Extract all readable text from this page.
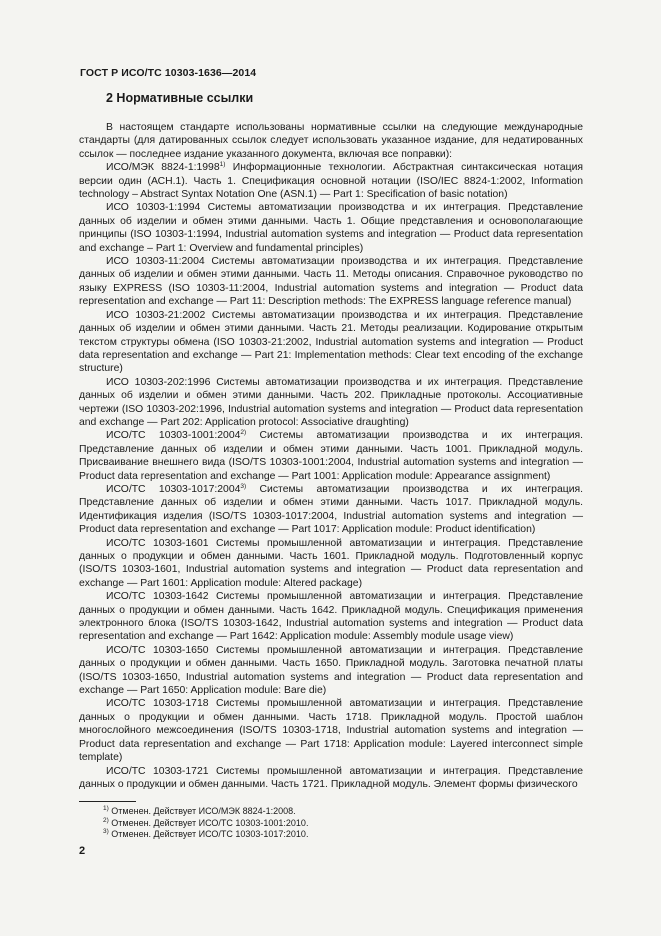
ГОСТ Р ИСО/ТС 10303-1636—2014
2 Нормативные ссылки

В настоящем стандарте использованы нормативные ссылки на следующие международные стандарты (для датированных ссылок следует использовать указанное издание, для недатированных ссылок — последнее издание указанного документа, включая все поправки):

ИСО/МЭК 8824-1:1998$^{1)}$ Информационные технологии. Абстрактная синтаксическая нотация версии один (АСН.1). Часть 1. Спецификация основной нотации (ISO/IEC 8824-1:2002, Information technology – Abstract Syntax Notation One (ASN.1) — Part 1: Specification of basic notation)

ИСО 10303-1:1994 Системы автоматизации производства и их интеграция. Представление данных об изделии и обмен этими данными. Часть 1. Общие представления и основополагающие принципы (ISO 10303-1:1994, Industrial automation systems and integration — Product data representation and exchange – Part 1: Overview and fundamental principles)

ИСО 10303-11:2004 Системы автоматизации производства и их интеграция. Представление данных об изделии и обмен этими данными. Часть 11. Методы описания. Справочное руководство по языку EXPRESS (ISO 10303-11:2004, Industrial automation systems and integration — Product data representation and exchange — Part 11: Description methods: The EXPRESS language reference manual)

ИСО 10303-21:2002 Системы автоматизации производства и их интеграция. Представление данных об изделии и обмен этими данными. Часть 21. Методы реализации. Кодирование открытым текстом структуры обмена (ISO 10303-21:2002, Industrial automation systems and integration — Product data representation and exchange — Part 21: Implementation methods: Clear text encoding of the exchange structure)

ИСО 10303-202:1996 Системы автоматизации производства и их интеграция. Представление данных об изделии и обмен этими данными. Часть 202. Прикладные протоколы. Ассоциативные чертежи (ISO 10303-202:1996, Industrial automation systems and integration — Product data representation and exchange — Part 202: Application protocol: Associative draughting)

ИСО/ТС 10303-1001:2004$^{2)}$ Системы автоматизации производства и их интеграция. Представление данных об изделии и обмен этими данными. Часть 1001. Прикладной модуль. Присваивание внешнего вида (ISO/TS 10303-1001:2004, Industrial automation systems and integration — Product data representation and exchange — Part 1001: Application module: Appearance assignment)

ИСО/ТС 10303-1017:2004$^{3)}$ Системы автоматизации производства и их интеграция. Представление данных об изделии и обмен этими данными. Часть 1017. Прикладной модуль. Идентификация изделия (ISO/TS 10303-1017:2004, Industrial automation systems and integration — Product data representation and exchange — Part 1017: Application module: Product identification)

ИСО/ТС 10303-1601 Системы промышленной автоматизации и интеграция. Представление данных о продукции и обмен данными. Часть 1601. Прикладной модуль. Подготовленный корпус (ISO/TS 10303-1601, Industrial automation systems and integration — Product data representation and exchange — Part 1601: Application module: Altered package)

ИСО/ТС 10303-1642 Системы промышленной автоматизации и интеграция. Представление данных о продукции и обмен данными. Часть 1642. Прикладной модуль. Спецификация применения электронного блока (ISO/TS 10303-1642, Industrial automation systems and integration — Product data representation and exchange — Part 1642: Application module: Assembly module usage view)

ИСО/ТС 10303-1650 Системы промышленной автоматизации и интеграция. Представление данных о продукции и обмен данными. Часть 1650. Прикладной модуль. Заготовка печатной платы (ISO/TS 10303-1650, Industrial automation systems and integration — Product data representation and exchange — Part 1650: Application module: Bare die)

ИСО/ТС 10303-1718 Системы промышленной автоматизации и интеграция. Представление данных о продукции и обмен данными. Часть 1718. Прикладной модуль. Простой шаблон многослойного межсоединения (ISO/TS 10303-1718, Industrial automation systems and integration — Product data representation and exchange — Part 1718: Application module: Layered interconnect simple template)

ИСО/ТС 10303-1721 Системы промышленной автоматизации и интеграция. Представление данных о продукции и обмен данными. Часть 1721. Прикладной модуль. Элемент формы физического

$^{1)}$ Отменен. Действует ИСО/МЭК 8824-1:2008.

$^{2)}$ Отменен. Действует ИСО/ТС 10303-1001:2010.

$^{3)}$ Отменен. Действует ИСО/ТС 10303-1017:2010.

2
